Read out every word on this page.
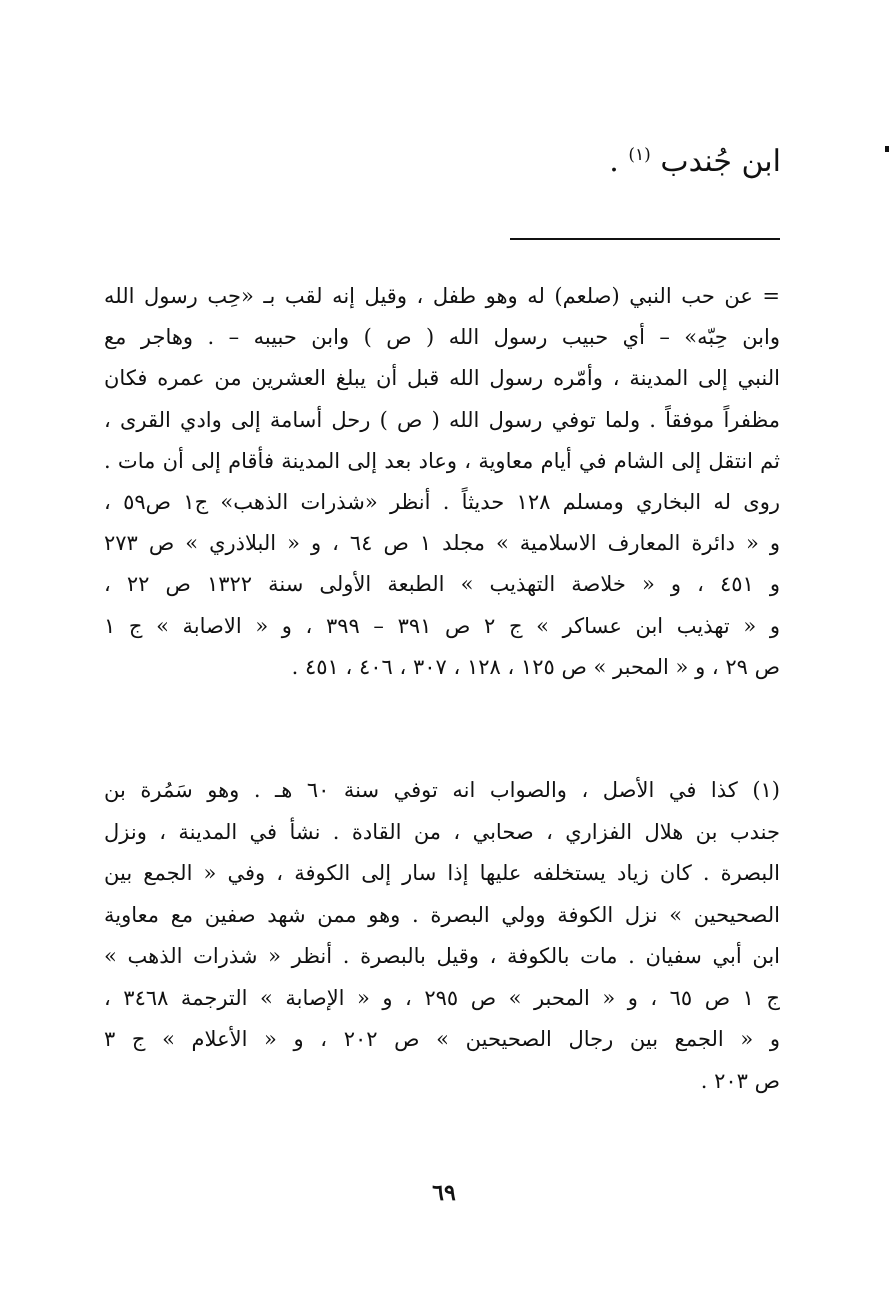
ابن جُندب $^{(١)}$ .
= عن حب النبي (صلعم) له وهو طفل ، وقيل إنه لقب بـ «حِب رسول الله
وابن حِبّه» – أي حبيب رسول الله ( ص ) وابن حبيبه – . وهاجر مع
النبي إلى المدينة ، وأمّره رسول الله قبل أن يبلغ العشرين من عمره فكان
مظفراً موفقاً . ولما توفي رسول الله ( ص ) رحل أسامة إلى وادي القرى ،
ثم انتقل إلى الشام في أيام معاوية ، وعاد بعد إلى المدينة فأقام إلى أن مات .
روى له البخاري ومسلم ١٢٨ حديثاً . أنظر «شذرات الذهب» ج١ ص٥٩ ،
و « دائرة المعارف الاسلامية » مجلد ١ ص ٦٤ ، و « البلاذري » ص ٢٧٣
و ٤٥١ ، و « خلاصة التهذيب » الطبعة الأولى سنة ١٣٢٢ ص ٢٢ ،
و « تهذيب ابن عساكر » ج ٢ ص ٣٩١ – ٣٩٩ ، و « الاصابة » ج ١
ص ٢٩ ، و « المحبر » ص ١٢٥ ، ١٢٨ ، ٣٠٧ ، ٤٠٦ ، ٤٥١ .
(١) كذا في الأصل ، والصواب انه توفي سنة ٦٠ هـ . وهو سَمُرة بن
جندب بن هلال الفزاري ، صحابي ، من القادة . نشأ في المدينة ، ونزل
البصرة . كان زياد يستخلفه عليها إذا سار إلى الكوفة ، وفي « الجمع بين
الصحيحين » نزل الكوفة وولي البصرة . وهو ممن شهد صفين مع معاوية
ابن أبي سفيان . مات بالكوفة ، وقيل بالبصرة . أنظر « شذرات الذهب »
ج ١ ص ٦٥ ، و « المحبر » ص ٢٩٥ ، و « الإصابة » الترجمة ٣٤٦٨ ،
و « الجمع بين رجال الصحيحين » ص ٢٠٢ ، و « الأعلام » ج ٣
ص ٢٠٣ .
٦٩
